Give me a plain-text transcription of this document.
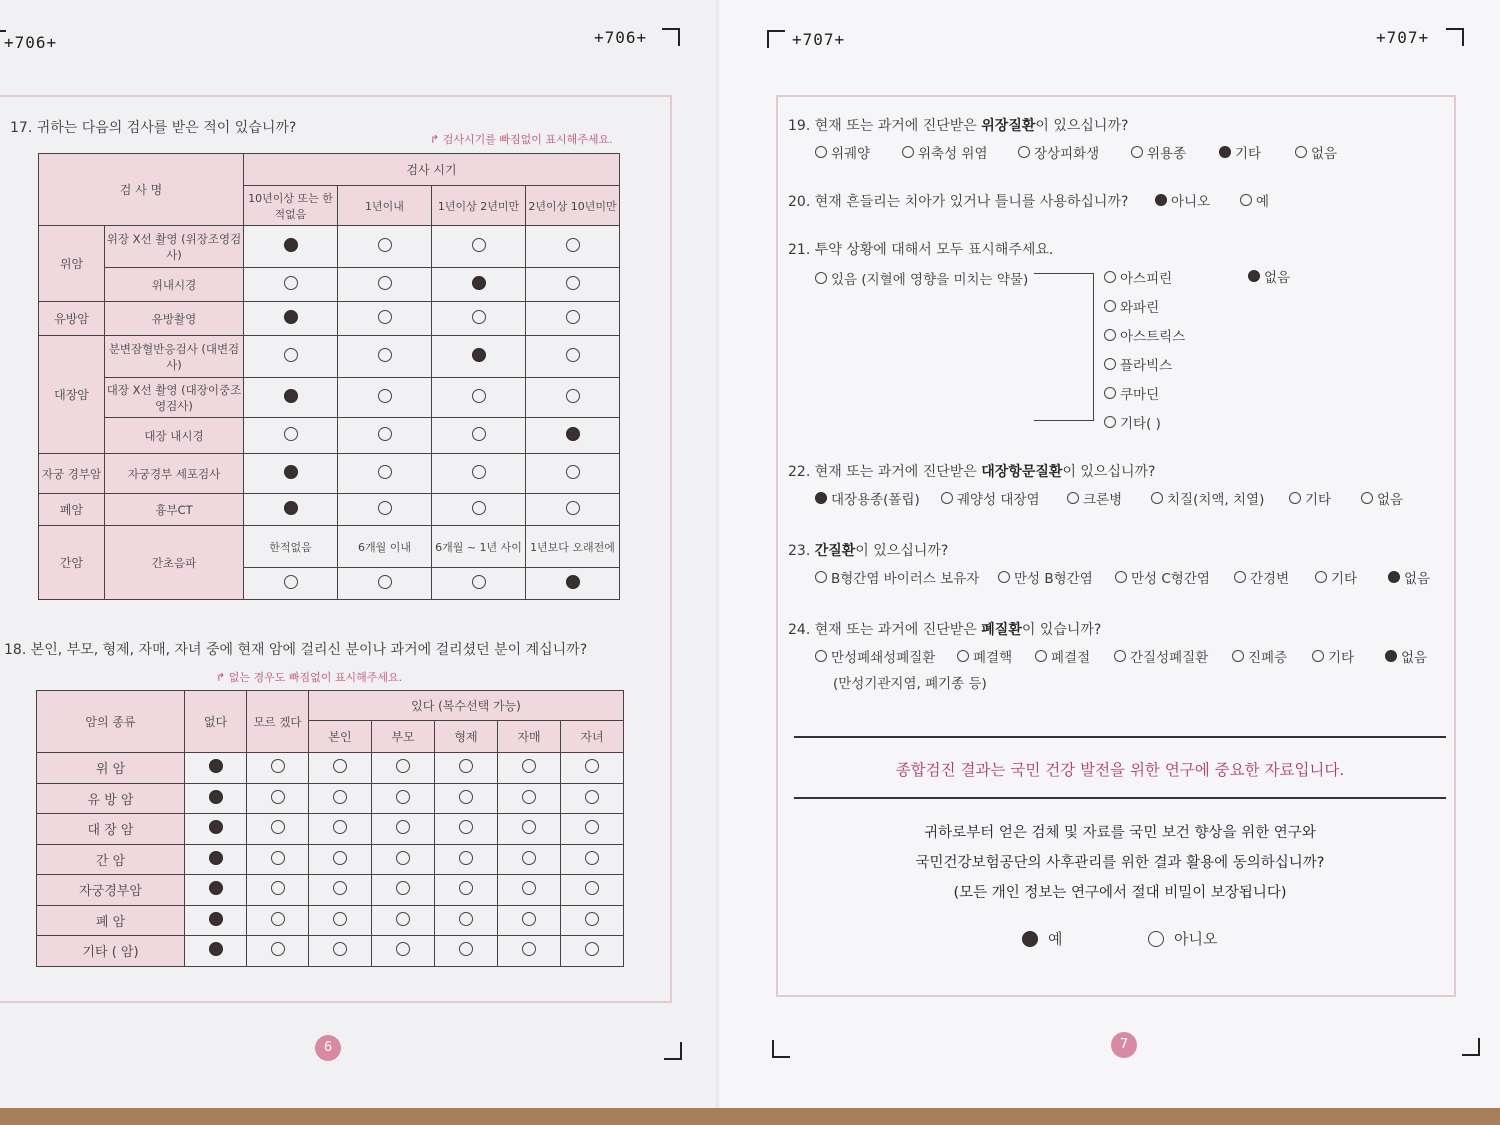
+706+	+706+
17. 귀하는 다음의 검사를 받은 적이 있습니까?
↱ 검사시기를 빠짐없이 표시해주세요.
검 사 명		검사 시기			
		10년이상 또는 한적없음	1년이내	1년이상 2년미만	2년이상 10년미만
위암	위장 X선 촬영 (위장조영검사)				
	위내시경				
유방암	유방촬영				
대장암	분변잠혈반응검사 (대변검사)				
	대장 X선 촬영 (대장이중조영검사)				
	대장 내시경				
자궁 경부암	자궁경부 세포검사				
폐암	흉부CT				
간암	간초음파	한적없음	6개월 이내	6개월 ~ 1년 사이	1년보다 오래전에

18. 본인, 부모, 형제, 자매, 자녀 중에 현재 암에 걸리신 분이나 과거에 걸리셨던 분이 계십니까?
↱ 없는 경우도 빠짐없이 표시해주세요.
암의 종류	없다	모르 겠다	있다 (복수선택 가능)				
			본인	부모	형제	자매	자녀
위 암							
유 방 암							
대 장 암							
간 암							
자궁경부암							
폐 암							
기타 ( 암)							
6
+707+	+707+
19. 현재 또는 과거에 진단받은 위장질환이 있으십니까?
위궤양	위축성 위염	장상피화생	위용종	기타	없음
20. 현재 흔들리는 치아가 있거나 틀니를 사용하십니까?	아니오	예
21. 투약 상황에 대해서 모두 표시해주세요.
있음 (지혈에 영향을 미치는 약물)	없음
아스피린
와파린
아스트릭스
플라빅스
쿠마딘
기타( )
22. 현재 또는 과거에 진단받은 대장항문질환이 있으십니까?
대장용종(폴립)	궤양성 대장염	크론병	치질(치액, 치열)	기타	없음
23. 간질환이 있으십니까?
B형간염 바이러스 보유자	만성 B형간염	만성 C형간염	간경변	기타	없음
24. 현재 또는 과거에 진단받은 폐질환이 있습니까?
만성폐쇄성폐질환	폐결핵	폐결절	간질성폐질환	진폐증	기타	없음
(만성기관지염, 폐기종 등)
종합검진 결과는 국민 건강 발전을 위한 연구에 중요한 자료입니다.
귀하로부터 얻은 검체 및 자료를 국민 보건 향상을 위한 연구와
국민건강보험공단의 사후관리를 위한 결과 활용에 동의하십니까?
(모든 개인 정보는 연구에서 절대 비밀이 보장됩니다)
예	아니오
7
